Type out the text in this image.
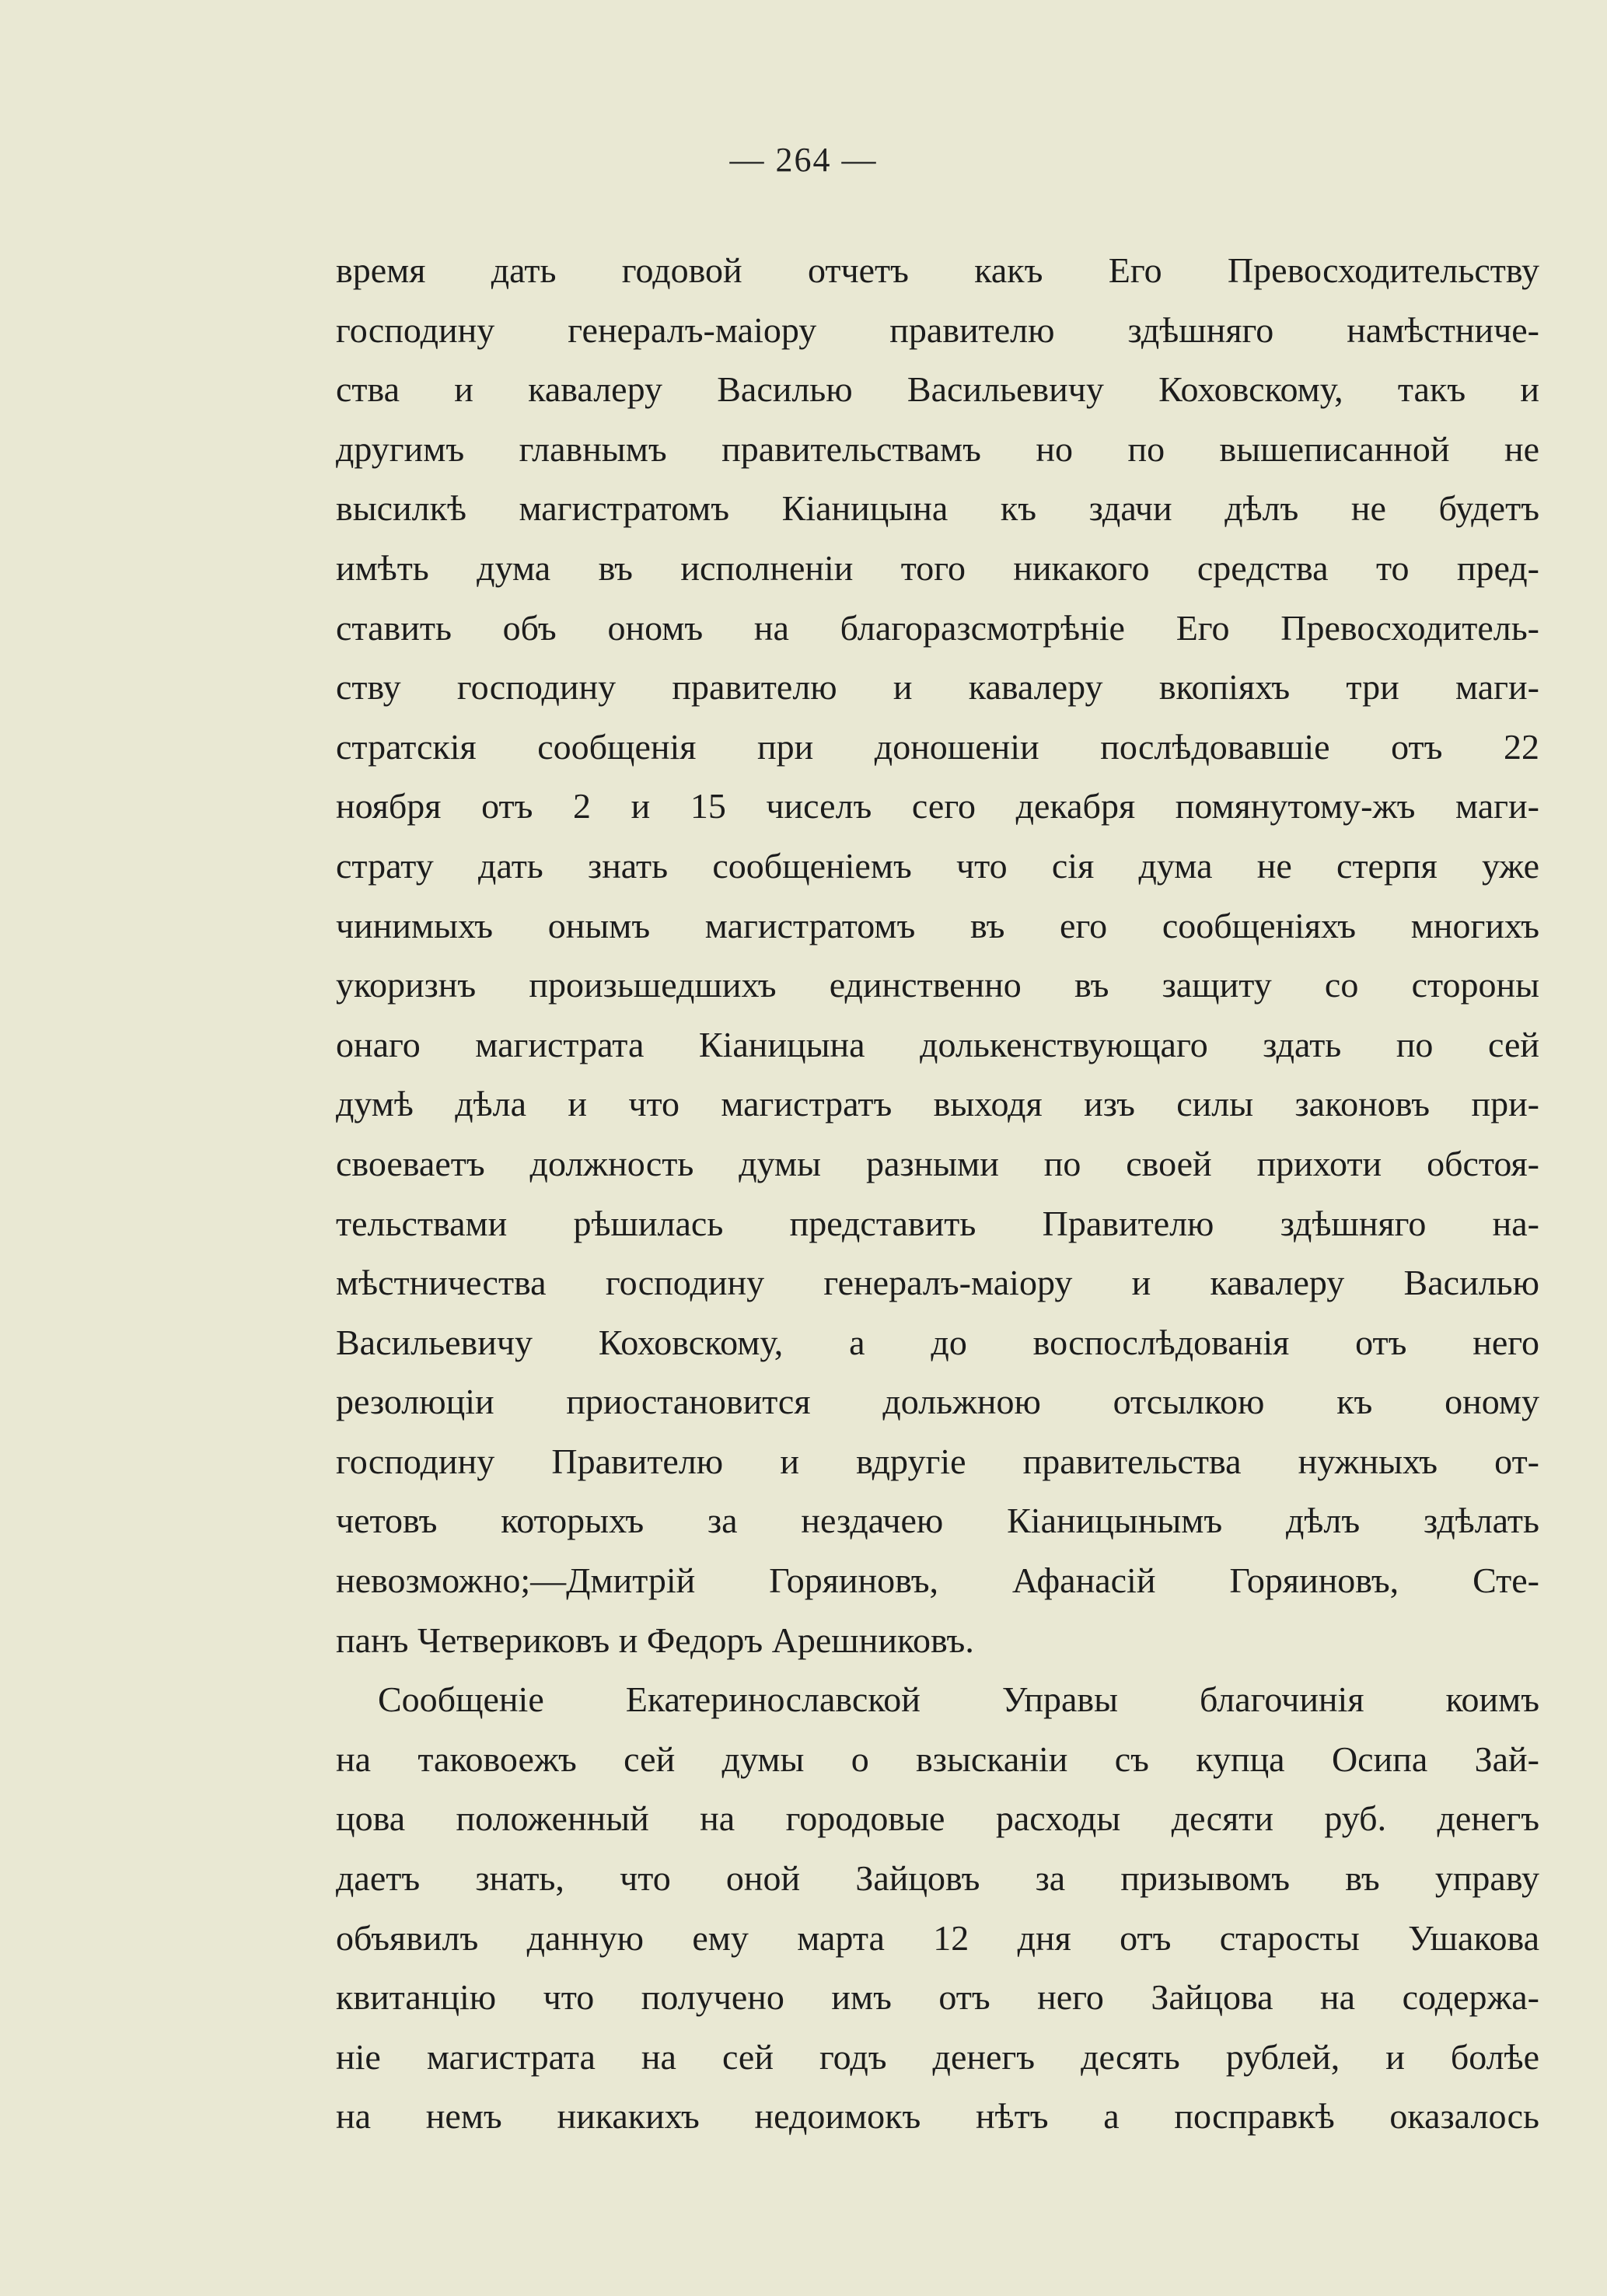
— 264 —
время дать годовой отчетъ какъ Его Превосходительству
господину генералъ-маіору правителю здѣшняго намѣстниче-
ства и кавалеру Василью Васильевичу Коховскому, такъ и
другимъ главнымъ правительствамъ но по вышеписанной не
высилкѣ магистратомъ Кіаницына къ здачи дѣлъ не будетъ
имѣть дума въ исполненіи того никакого средства то пред-
ставить объ ономъ на благоразсмотрѣніе Его Превосходитель-
ству господину правителю и кавалеру вкопіяхъ три маги-
стратскія сообщенія при доношеніи послѣдовавшіе отъ 22
ноября отъ 2 и 15 чиселъ сего декабря помянутому-жъ маги-
страту дать знать сообщеніемъ что сія дума не стерпя уже
чинимыхъ онымъ магистратомъ въ его сообщеніяхъ многихъ
укоризнъ произьшедшихъ единственно въ защиту со стороны
онаго магистрата Кіаницына долькенствующаго здать по сей
думѣ дѣла и что магистратъ выходя изъ силы законовъ при-
своеваетъ должность думы разными по своей прихоти обстоя-
тельствами рѣшилась представить Правителю здѣшняго на-
мѣстничества господину генералъ-маіору и кавалеру Василью
Васильевичу Коховскому, а до воспослѣдованія отъ него
резолюціи приостановится дольжною отсылкою къ оному
господину Правителю и вдругіе правительства нужныхъ от-
четовъ которыхъ за нездачею Кіаницынымъ дѣлъ здѣлать
невозможно;—Дмитрій Горяиновъ, Афанасій Горяиновъ, Сте-
панъ Четвериковъ и Федоръ Арешниковъ.
Сообщеніе Екатеринославской Управы благочинія коимъ
на таковоежъ сей думы о взысканіи съ купца Осипа Зай-
цова положенный на городовые расходы десяти руб. денегъ
даетъ знать, что оной Зайцовъ за призывомъ въ управу
объявилъ данную ему марта 12 дня отъ старосты Ушакова
квитанцію что получено имъ отъ него Зайцова на содержа-
ніе магистрата на сей годъ денегъ десять рублей, и болѣе
на немъ никакихъ недоимокъ нѣтъ а посправкѣ оказалось
